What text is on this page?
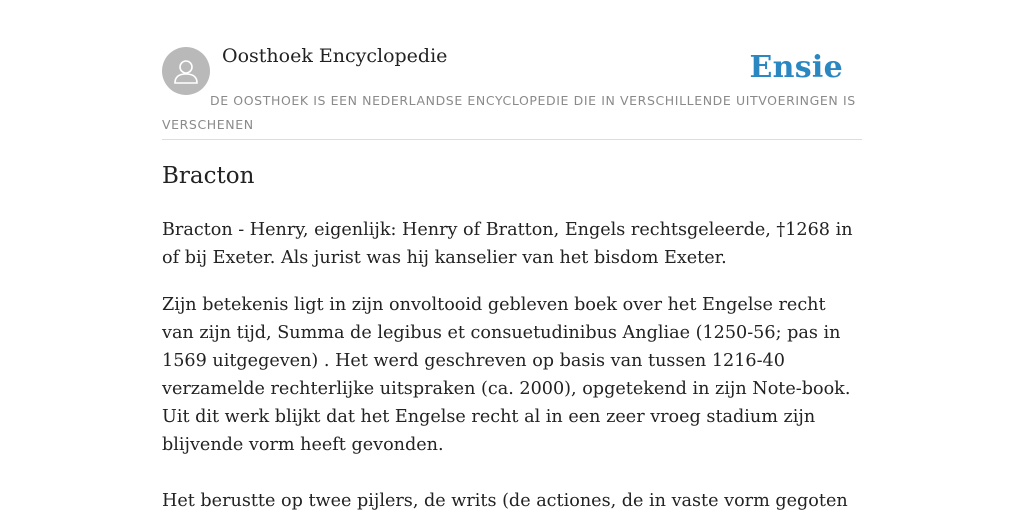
Oosthoek Encyclopedie	Ensie
DE OOSTHOEK IS EEN NEDERLANDSE ENCYCLOPEDIE DIE IN VERSCHILLENDE UITVOERINGEN IS VERSCHENEN
Bracton

Bracton - Henry, eigenlijk: Henry of Bratton, Engels rechtsgeleerde, †1268 in of bij Exeter. Als jurist was hij kanselier van het bisdom Exeter.

Zijn betekenis ligt in zijn onvoltooid gebleven boek over het Engelse recht van zijn tijd, Summa de legibus et consuetudinibus Angliae (1250-56; pas in 1569 uitgegeven) . Het werd geschreven op basis van tussen 1216-40 verzamelde rechterlijke uitspraken (ca. 2000), opgetekend in zijn Note-book. Uit dit werk blijkt dat het Engelse recht al in een zeer vroeg stadium zijn blijvende vorm heeft gevonden.

Het berustte op twee pijlers, de writs (de actiones, de in vaste vorm gegoten
